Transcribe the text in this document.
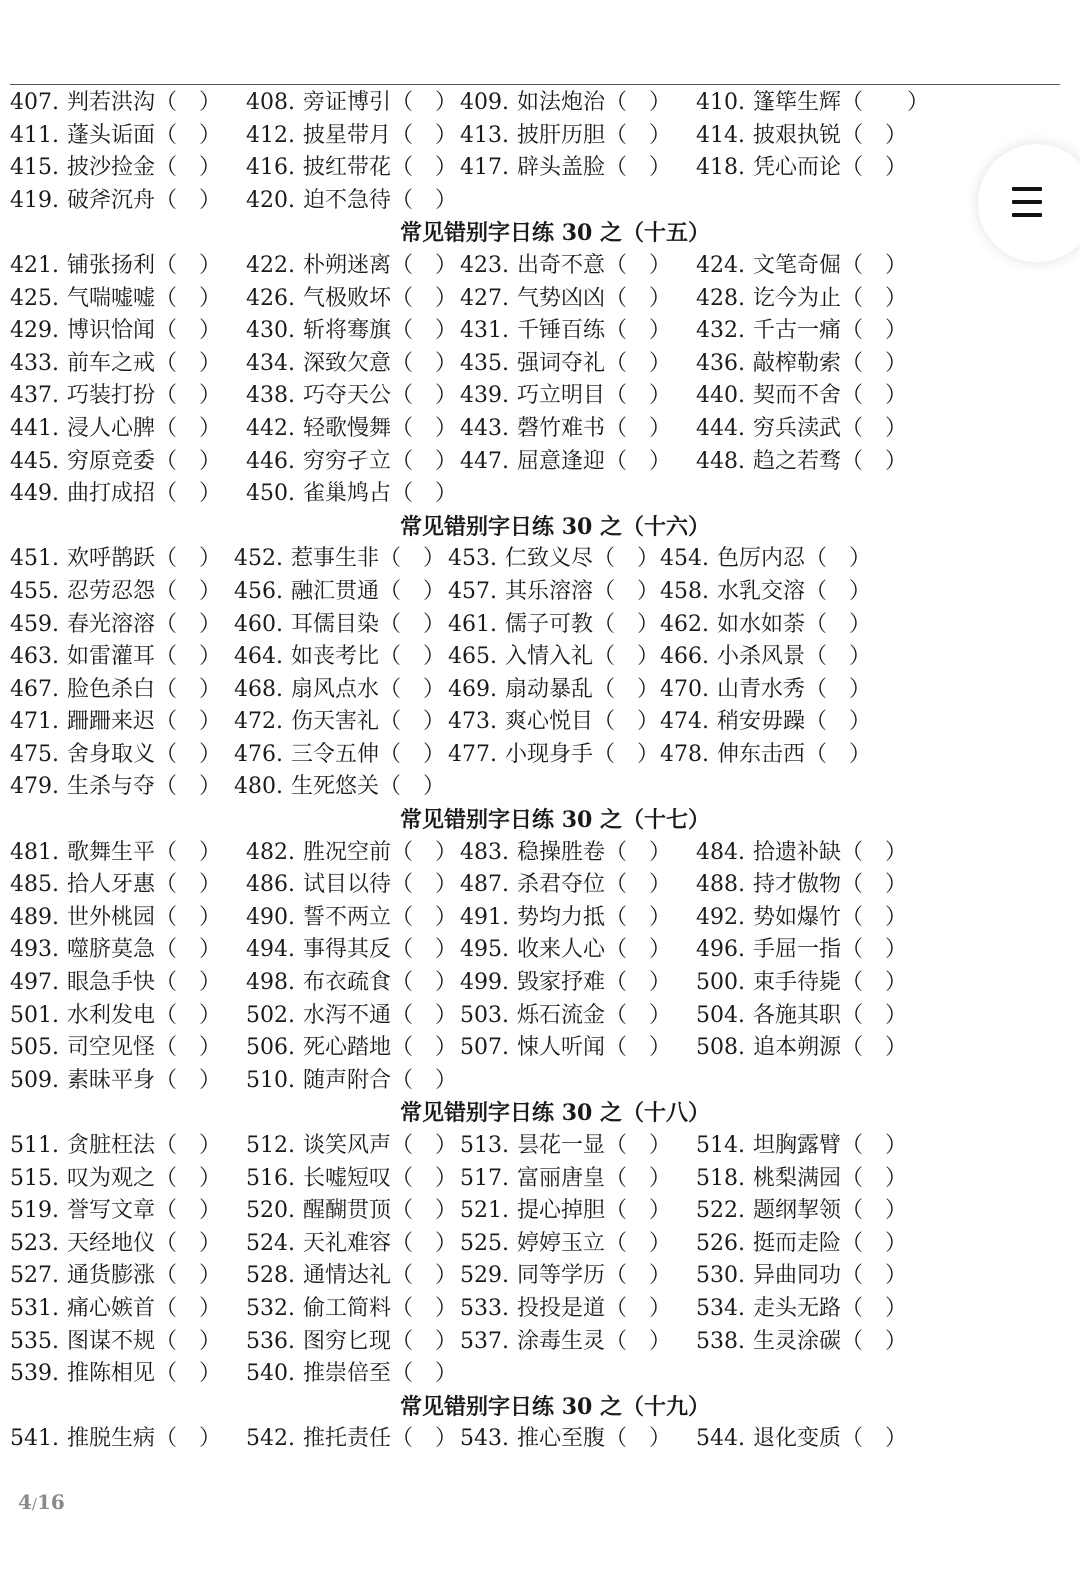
407. 判若洪沟（　） 408. 旁证博引（　） 409. 如法炮治（　） 410. 篷筚生辉（　　）
411. 蓬头诟面（　） 412. 披星带月（　） 413. 披肝历胆（　） 414. 披艰执锐（　）
415. 披沙捡金（　） 416. 披红带花（　） 417. 辟头盖脸（　） 418. 凭心而论（　）
419. 破斧沉舟（　） 420. 迫不急待（　）
常见错别字日练 30 之（十五）
421. 铺张扬利（　） 422. 朴朔迷离（　） 423. 出奇不意（　） 424. 文笔奇倔（　）
425. 气喘嘘嘘（　） 426. 气极败坏（　） 427. 气势凶凶（　） 428. 讫今为止（　）
429. 博识恰闻（　） 430. 斩将骞旗（　） 431. 千锤百练（　） 432. 千古一痛（　）
433. 前车之戒（　） 434. 深致欠意（　） 435. 强词夺礼（　） 436. 敲榨勒索（　）
437. 巧装打扮（　） 438. 巧夺天公（　） 439. 巧立明目（　） 440. 契而不舍（　）
441. 浸人心脾（　） 442. 轻歌慢舞（　） 443. 磬竹难书（　） 444. 穷兵渎武（　）
445. 穷原竞委（　） 446. 穷穷孑立（　） 447. 屈意逢迎（　） 448. 趋之若骛（　）
449. 曲打成招（　） 450. 雀巢鸠占（　）
常见错别字日练 30 之（十六）
451. 欢呼鹊跃（　） 452. 惹事生非（　） 453. 仁致义尽（　） 454. 色厉内忍（　）
455. 忍劳忍怨（　） 456. 融汇贯通（　） 457. 其乐溶溶（　） 458. 水乳交溶（　）
459. 春光溶溶（　） 460. 耳儒目染（　） 461. 儒子可教（　） 462. 如水如荼（　）
463. 如雷灌耳（　） 464. 如丧考比（　） 465. 入情入礼（　） 466. 小杀风景（　）
467. 脸色杀白（　） 468. 扇风点水（　） 469. 扇动暴乱（　） 470. 山青水秀（　）
471. 跚跚来迟（　） 472. 伤天害礼（　） 473. 爽心悦目（　） 474. 稍安毋躁（　）
475. 舍身取义（　） 476. 三令五伸（　） 477. 小现身手（　） 478. 伸东击西（　）
479. 生杀与夺（　） 480. 生死悠关（　）
常见错别字日练 30 之（十七）
481. 歌舞生平（　） 482. 胜况空前（　） 483. 稳操胜卷（　） 484. 拾遗补缺（　）
485. 拾人牙惠（　） 486. 试目以待（　） 487. 杀君夺位（　） 488. 持才傲物（　）
489. 世外桃园（　） 490. 誓不两立（　） 491. 势均力抵（　） 492. 势如爆竹（　）
493. 噬脐莫急（　） 494. 事得其反（　） 495. 收来人心（　） 496. 手屈一指（　）
497. 眼急手快（　） 498. 布衣疏食（　） 499. 毁家抒难（　） 500. 束手待毙（　）
501. 水利发电（　） 502. 水泻不通（　） 503. 烁石流金（　） 504. 各施其职（　）
505. 司空见怪（　） 506. 死心踏地（　） 507. 悚人听闻（　） 508. 追本朔源（　）
509. 素昧平身（　） 510. 随声附合（　）
常见错别字日练 30 之（十八）
511. 贪脏枉法（　） 512. 谈笑风声（　） 513. 昙花一显（　） 514. 坦胸露臂（　）
515. 叹为观之（　） 516. 长嘘短叹（　） 517. 富丽唐皇（　） 518. 桃梨满园（　）
519. 誉写文章（　） 520. 醒醐贯顶（　） 521. 提心掉胆（　） 522. 题纲挈领（　）
523. 天经地仪（　） 524. 天礼难容（　） 525. 婷婷玉立（　） 526. 挺而走险（　）
527. 通货膨涨（　） 528. 通情达礼（　） 529. 同等学历（　） 530. 异曲同功（　）
531. 痛心嫉首（　） 532. 偷工简料（　） 533. 投投是道（　） 534. 走头无路（　）
535. 图谋不规（　） 536. 图穷匕现（　） 537. 涂毒生灵（　） 538. 生灵涂碳（　）
539. 推陈相见（　） 540. 推崇倍至（　）
常见错别字日练 30 之（十九）
541. 推脱生病（　） 542. 推托责任（　） 543. 推心至腹（　） 544. 退化变质（　）
4/16
